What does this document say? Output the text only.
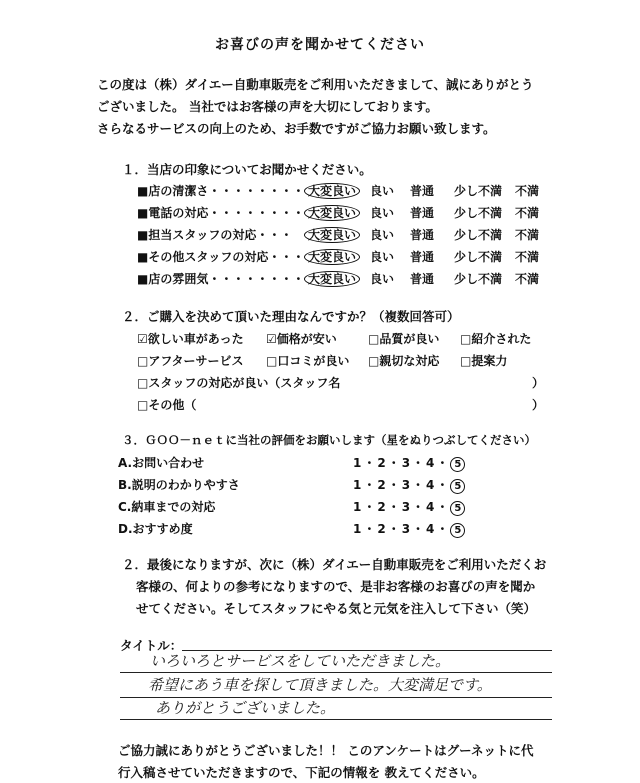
お喜びの声を聞かせてください
この度は（株）ダイエー自動車販売をご利用いただきまして、誠にありがとう
ございました。 当社ではお客様の声を大切にしております。
さらなるサービスの向上のため、お手数ですがご協力お願い致します。
１．当店の印象についてお聞かせください。
■店の清潔さ・・・・・・・・ 大変良い	良い 普通 少し不満 不満
■電話の対応・・・・・・・・ 大変良い	良い 普通 少し不満 不満
■担当スタッフの対応・・・ 大変良い	良い 普通 少し不満 不満
■その他スタッフの対応・・・ 大変良い	良い 普通 少し不満 不満
■店の雰囲気・・・・・・・・ 大変良い	良い 普通 少し不満 不満
２．ご購入を決めて頂いた理由なんですか？（複数回答可）
☑欲しい車があった ☑価格が安い	□品質が良い □紹介された
□アフターサービス □口コミが良い □親切な対応 □提案力
□スタッフの対応が良い（スタッフ名	）
□その他（	）
３．ＧＯＯ－ｎｅｔに当社の評価をお願いします（星をぬりつぶしてください）
A.お問い合わせ	1・2・3・4・ 5
B.説明のわかりやすさ	1・2・3・4・ 5
C.納車までの対応	1・2・3・4・ 5
D.おすすめ度	1・2・3・4・ 5
２．最後になりますが、次に（株）ダイエー自動車販売をご利用いただくお
客様の、何よりの参考になりますので、是非お客様のお喜びの声を聞か
せてください。そしてスタッフにやる気と元気を注入して下さい（笑）
タイトル：
いろいろとサービスをしていただきました。
希望にあう車を探して頂きました。大変満足です。
ありがとうございました。
ご協力誠にありがとうございました！！ このアンケートはグーネットに代
行入稿させていただきますので、下記の情報を 教えてください。
